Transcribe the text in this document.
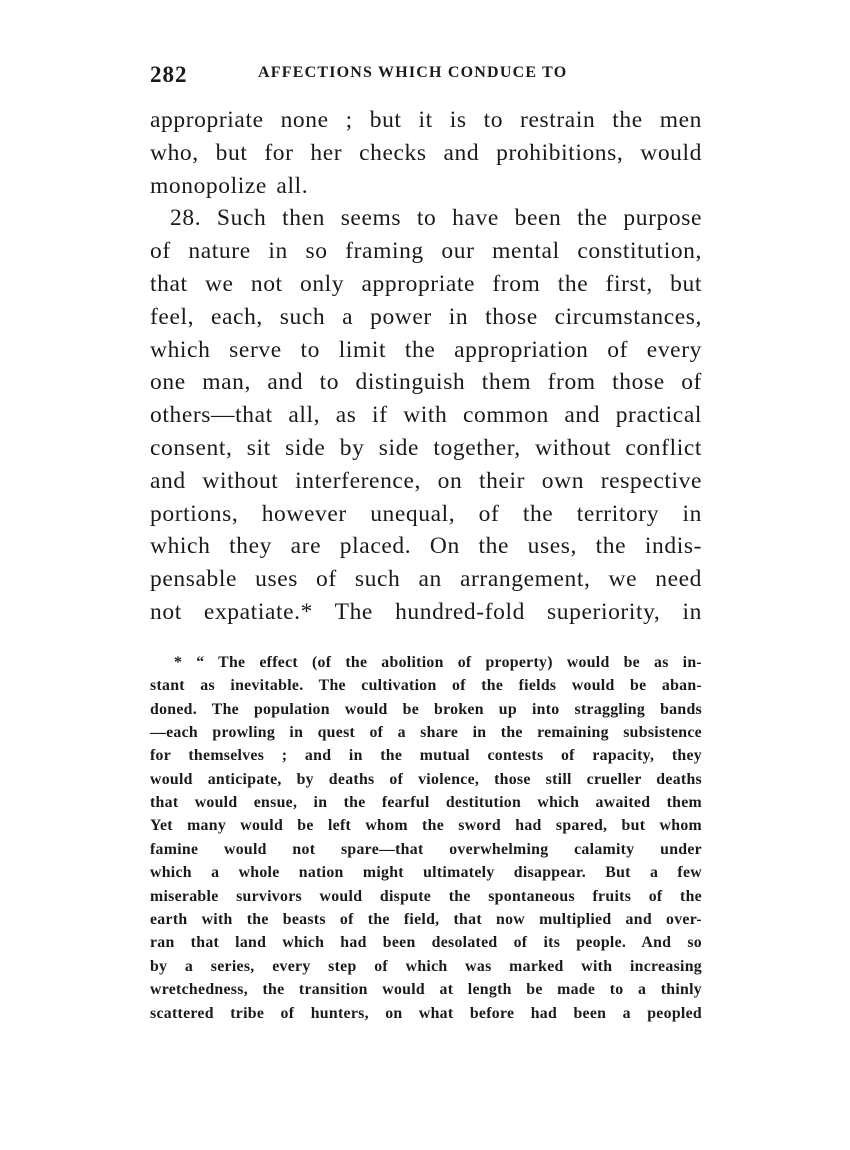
282	AFFECTIONS WHICH CONDUCE TO
appropriate none ; but it is to restrain the men
who, but for her checks and prohibitions, would
monopolize all.
28. Such then seems to have been the purpose
of nature in so framing our mental constitution,
that we not only appropriate from the first, but
feel, each, such a power in those circumstances,
which serve to limit the appropriation of every
one man, and to distinguish them from those of
others—that all, as if with common and practical
consent, sit side by side together, without conflict
and without interference, on their own respective
portions, however unequal, of the territory in
which they are placed. On the uses, the indis-
pensable uses of such an arrangement, we need
not expatiate.* The hundred-fold superiority, in
* “ The effect (of the abolition of property) would be as in-
stant as inevitable. The cultivation of the fields would be aban-
doned. The population would be broken up into straggling bands
—each prowling in quest of a share in the remaining subsistence
for themselves ; and in the mutual contests of rapacity, they
would anticipate, by deaths of violence, those still crueller deaths
that would ensue, in the fearful destitution which awaited them
Yet many would be left whom the sword had spared, but whom
famine would not spare—that overwhelming calamity under
which a whole nation might ultimately disappear. But a few
miserable survivors would dispute the spontaneous fruits of the
earth with the beasts of the field, that now multiplied and over-
ran that land which had been desolated of its people. And so
by a series, every step of which was marked with increasing
wretchedness, the transition would at length be made to a thinly
scattered tribe of hunters, on what before had been a peopled
